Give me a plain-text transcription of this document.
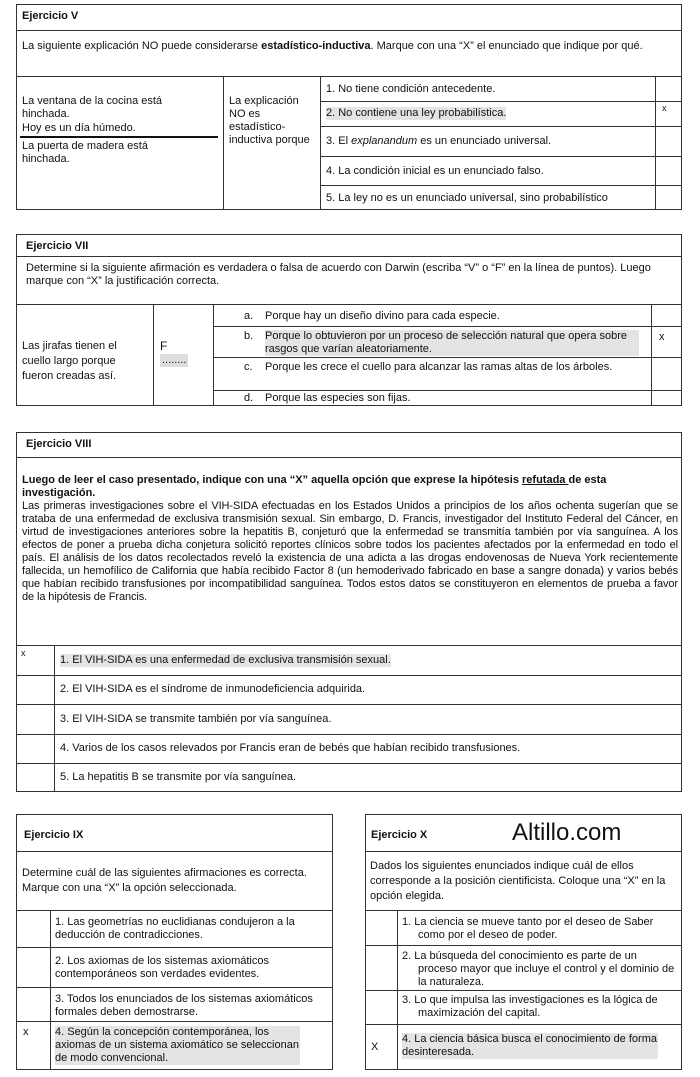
Ejercicio V
La siguiente explicación NO puede considerarse estadístico-inductiva. Marque con una “X” el enunciado que indique por qué.
La ventana de la cocina está hinchada.
Hoy es un día húmedo.
La puerta de madera está hinchada.
La explicación NO es estadístico-inductiva porque
1. No tiene condición antecedente.
2. No contiene una ley probabilística.	x
3. El explanandum es un enunciado universal.
4. La condición inicial es un enunciado falso.
5. La ley no es un enunciado universal, sino probabilístico
Ejercicio VII
Determine si la siguiente afirmación es verdadera o falsa de acuerdo con Darwin (escriba “V” o “F” en la línea de puntos). Luego marque con “X” la justificación correcta.
Las jirafas tienen el cuello largo porque fueron creadas así.
F
........
a. Porque hay un diseño divino para cada especie.
b. Porque lo obtuvieron por un proceso de selección natural que opera sobre rasgos que varían aleatoriamente.
x
c. Porque les crece el cuello para alcanzar las ramas altas de los árboles.
d. Porque las especies son fijas.
Ejercicio VIII
Luego de leer el caso presentado, indique con una “X” aquella opción que exprese la hipótesis refutada de esta investigación.
Las primeras investigaciones sobre el VIH-SIDA efectuadas en los Estados Unidos a principios de los años ochenta sugerían que se trataba de una enfermedad de exclusiva transmisión sexual. Sin embargo, D. Francis, investigador del Instituto Federal del Cáncer, en virtud de investigaciones anteriores sobre la hepatitis B, conjeturó que la enfermedad se transmitía también por vía sanguínea. A los efectos de poner a prueba dicha conjetura solicitó reportes clínicos sobre todos los pacientes afectados por la enfermedad en todo el país. El análisis de los datos recolectados reveló la existencia de una adicta a las drogas endovenosas de Nueva York recientemente fallecida, un hemofílico de California que había recibido Factor 8 (un hemoderivado fabricado en base a sangre donada) y varios bebés que habían recibido transfusiones por incompatibilidad sanguínea. Todos estos datos se constituyeron en elementos de prueba a favor de la hipótesis de Francis.
x
1. El VIH-SIDA es una enfermedad de exclusiva transmisión sexual.
2. El VIH-SIDA es el síndrome de inmunodeficiencia adquirida.
3. El VIH-SIDA se transmite también por vía sanguínea.
4. Varios de los casos relevados por Francis eran de bebés que habían recibido transfusiones.
5. La hepatitis B se transmite por vía sanguínea.
Ejercicio IX
Determine cuál de las siguientes afirmaciones es correcta. Marque con una “X” la opción seleccionada.
1. Las geometrías no euclidianas condujeron a la deducción de contradicciones.
2. Los axiomas de los sistemas axiomáticos contemporáneos son verdades evidentes.
3. Todos los enunciados de los sistemas axiomáticos formales deben demostrarse.
x 4. Según la concepción contemporánea, los axiomas de un sistema axiomático se seleccionan de modo convencional.
Ejercicio X	Altillo.com
Dados los siguientes enunciados indique cuál de ellos corresponde a la posición cientificista. Coloque una “X” en la opción elegida.
1. La ciencia se mueve tanto por el deseo de Saber como por el deseo de poder.
2. La búsqueda del conocimiento es parte de un proceso mayor que incluye el control y el dominio de la naturaleza.
3. Lo que impulsa las investigaciones es la lógica de maximización del capital.
X
4. La ciencia básica busca el conocimiento de forma desinteresada.
